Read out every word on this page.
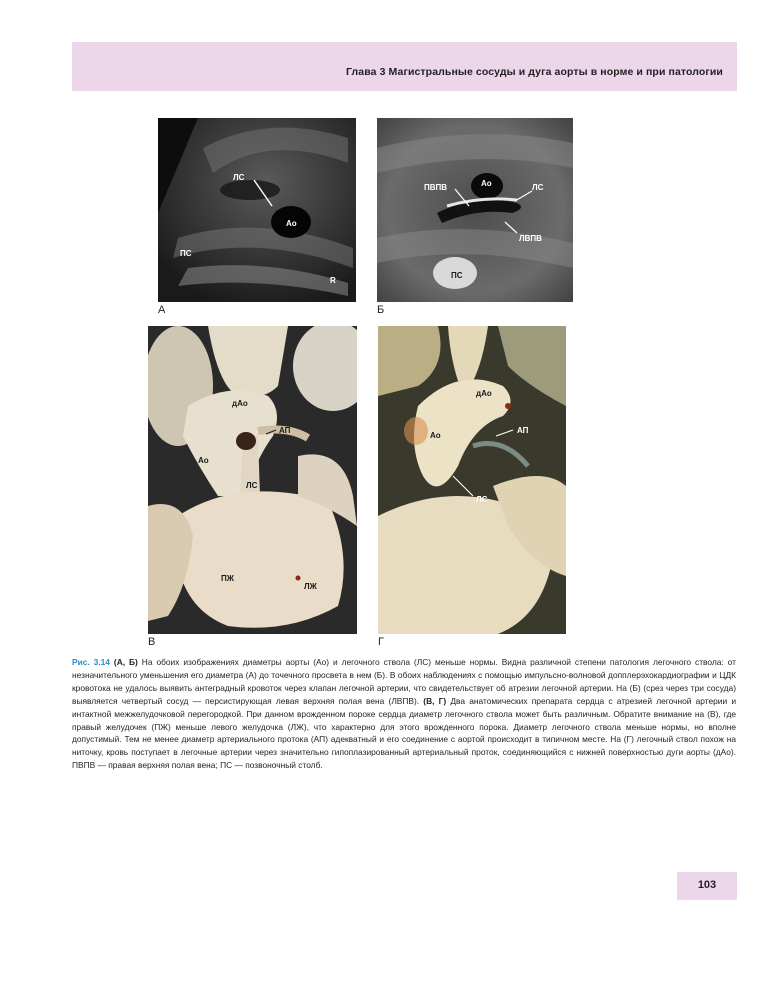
Глава 3 Магистральные сосуды и дуга аорты в норме и при патологии
ЛС
Ао
ПС
R
А
ПВПВ	Ао	ЛС
ЛВПВ
ПС
Б
дАо
АП
Ао
ЛС
ПЖ
ЛЖ
В
дАо
Ао
АП
ЛС
Г
Рис. 3.14 (А, Б) На обоих изображениях диаметры аорты (Ао) и легочного ствола (ЛС) меньше нормы. Видна различной степени патология легочного ствола: от незначительного уменьшения его диаметра (А) до точечного просвета в нем (Б). В обоих наблюдениях с помощью импульсно-волновой допплерэхокардиографии и ЦДК кровотока не удалось выявить антеградный кровоток через клапан легочной артерии, что свидетельствует об атрезии легочной артерии. На (Б) (срез через три сосуда) выявляется четвертый сосуд — персистирующая левая верхняя полая вена (ЛВПВ). (В, Г) Два анатомических препарата сердца с атрезией легочной артерии и интактной межжелудочковой перегородкой. При данном врожденном пороке сердца диаметр легочного ствола может быть различным. Обратите внимание на (В), где правый желудочек (ПЖ) меньше левого желудочка (ЛЖ), что характерно для этого врожденного порока. Диаметр легочного ствола меньше нормы, но вполне допустимый. Тем не менее диаметр артериального протока (АП) адекватный и его соединение с аортой происходит в типичном месте. На (Г) легочный ствол похож на ниточку, кровь поступает в легочные артерии через значительно гипоплазированный артериальный проток, соединяющийся с нижней поверхностью дуги аорты (дАо). ПВПВ — правая верхняя полая вена; ПС — позвоночный столб.
103
